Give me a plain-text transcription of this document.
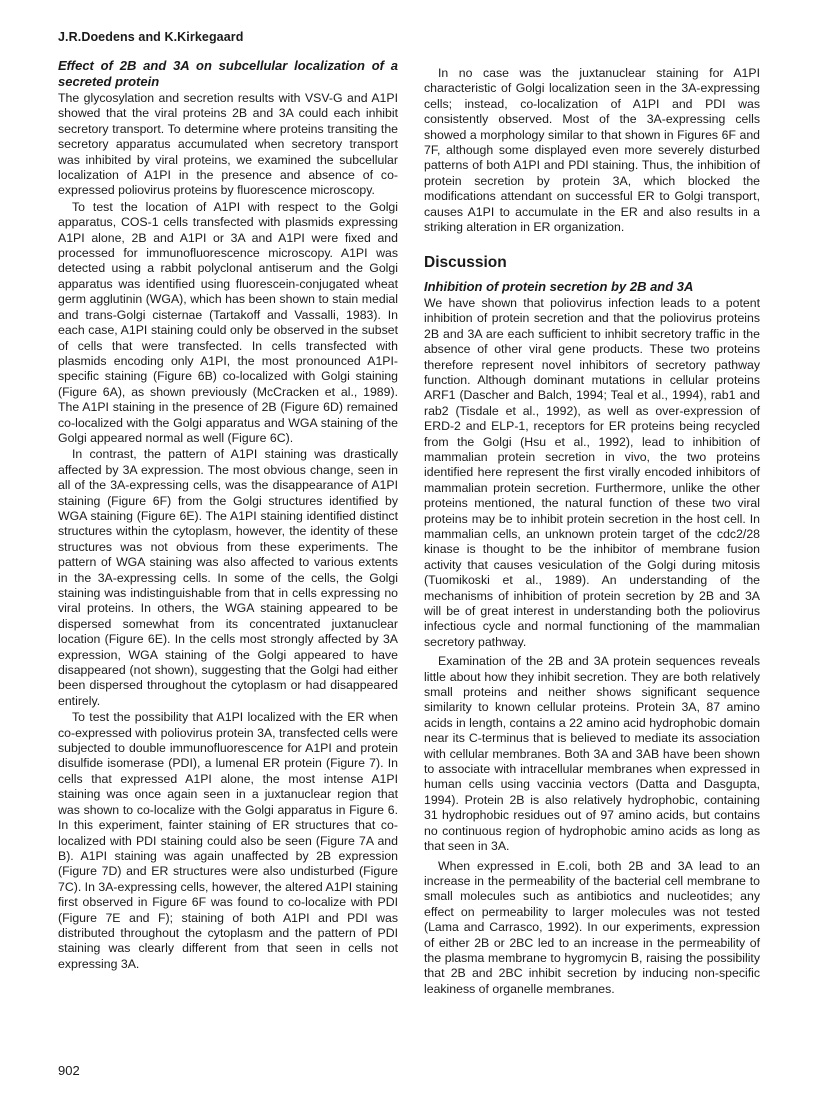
J.R.Doedens and K.Kirkegaard
Effect of 2B and 3A on subcellular localization of a secreted protein

The glycosylation and secretion results with VSV-G and A1PI showed that the viral proteins 2B and 3A could each inhibit secretory transport. To determine where proteins transiting the secretory apparatus accumulated when secretory transport was inhibited by viral proteins, we examined the subcellular localization of A1PI in the presence and absence of co-expressed poliovirus proteins by fluorescence microscopy.

To test the location of A1PI with respect to the Golgi apparatus, COS-1 cells transfected with plasmids expressing A1PI alone, 2B and A1PI or 3A and A1PI were fixed and processed for immunofluorescence microscopy. A1PI was detected using a rabbit polyclonal antiserum and the Golgi apparatus was identified using fluorescein-conjugated wheat germ agglutinin (WGA), which has been shown to stain medial and trans-Golgi cisternae (Tartakoff and Vassalli, 1983). In each case, A1PI staining could only be observed in the subset of cells that were transfected. In cells transfected with plasmids encoding only A1PI, the most pronounced A1PI-specific staining (Figure 6B) co-localized with Golgi staining (Figure 6A), as shown previously (McCracken et al., 1989). The A1PI staining in the presence of 2B (Figure 6D) remained co-localized with the Golgi apparatus and WGA staining of the Golgi appeared normal as well (Figure 6C).

In contrast, the pattern of A1PI staining was drastically affected by 3A expression. The most obvious change, seen in all of the 3A-expressing cells, was the disappearance of A1PI staining (Figure 6F) from the Golgi structures identified by WGA staining (Figure 6E). The A1PI staining identified distinct structures within the cytoplasm, however, the identity of these structures was not obvious from these experiments. The pattern of WGA staining was also affected to various extents in the 3A-expressing cells. In some of the cells, the Golgi staining was indistinguishable from that in cells expressing no viral proteins. In others, the WGA staining appeared to be dispersed somewhat from its concentrated juxtanuclear location (Figure 6E). In the cells most strongly affected by 3A expression, WGA staining of the Golgi appeared to have disappeared (not shown), suggesting that the Golgi had either been dispersed throughout the cytoplasm or had disappeared entirely.

To test the possibility that A1PI localized with the ER when co-expressed with poliovirus protein 3A, transfected cells were subjected to double immunofluorescence for A1PI and protein disulfide isomerase (PDI), a lumenal ER protein (Figure 7). In cells that expressed A1PI alone, the most intense A1PI staining was once again seen in a juxtanuclear region that was shown to co-localize with the Golgi apparatus in Figure 6. In this experiment, fainter staining of ER structures that co-localized with PDI staining could also be seen (Figure 7A and B). A1PI staining was again unaffected by 2B expression (Figure 7D) and ER structures were also undisturbed (Figure 7C). In 3A-expressing cells, however, the altered A1PI staining first observed in Figure 6F was found to co-localize with PDI (Figure 7E and F); staining of both A1PI and PDI was distributed throughout the cytoplasm and the pattern of PDI staining was clearly different from that seen in cells not expressing 3A.

In no case was the juxtanuclear staining for A1PI characteristic of Golgi localization seen in the 3A-expressing cells; instead, co-localization of A1PI and PDI was consistently observed. Most of the 3A-expressing cells showed a morphology similar to that shown in Figures 6F and 7F, although some displayed even more severely disturbed patterns of both A1PI and PDI staining. Thus, the inhibition of protein secretion by protein 3A, which blocked the modifications attendant on successful ER to Golgi transport, causes A1PI to accumulate in the ER and also results in a striking alteration in ER organization.

Discussion
Inhibition of protein secretion by 2B and 3A

We have shown that poliovirus infection leads to a potent inhibition of protein secretion and that the poliovirus proteins 2B and 3A are each sufficient to inhibit secretory traffic in the absence of other viral gene products. These two proteins therefore represent novel inhibitors of secretory pathway function. Although dominant mutations in cellular proteins ARF1 (Dascher and Balch, 1994; Teal et al., 1994), rab1 and rab2 (Tisdale et al., 1992), as well as over-expression of ERD-2 and ELP-1, receptors for ER proteins being recycled from the Golgi (Hsu et al., 1992), lead to inhibition of mammalian protein secretion in vivo, the two proteins identified here represent the first virally encoded inhibitors of mammalian protein secretion. Furthermore, unlike the other proteins mentioned, the natural function of these two viral proteins may be to inhibit protein secretion in the host cell. In mammalian cells, an unknown protein target of the cdc2/28 kinase is thought to be the inhibitor of membrane fusion activity that causes vesiculation of the Golgi during mitosis (Tuomikoski et al., 1989). An understanding of the mechanisms of inhibition of protein secretion by 2B and 3A will be of great interest in understanding both the poliovirus infectious cycle and normal functioning of the mammalian secretory pathway.

Examination of the 2B and 3A protein sequences reveals little about how they inhibit secretion. They are both relatively small proteins and neither shows significant sequence similarity to known cellular proteins. Protein 3A, 87 amino acids in length, contains a 22 amino acid hydrophobic domain near its C-terminus that is believed to mediate its association with cellular membranes. Both 3A and 3AB have been shown to associate with intracellular membranes when expressed in human cells using vaccinia vectors (Datta and Dasgupta, 1994). Protein 2B is also relatively hydrophobic, containing 31 hydrophobic residues out of 97 amino acids, but contains no continuous region of hydrophobic amino acids as long as that seen in 3A.

When expressed in E.coli, both 2B and 3A lead to an increase in the permeability of the bacterial cell membrane to small molecules such as antibiotics and nucleotides; any effect on permeability to larger molecules was not tested (Lama and Carrasco, 1992). In our experiments, expression of either 2B or 2BC led to an increase in the permeability of the plasma membrane to hygromycin B, raising the possibility that 2B and 2BC inhibit secretion by inducing non-specific leakiness of organelle membranes.

902
